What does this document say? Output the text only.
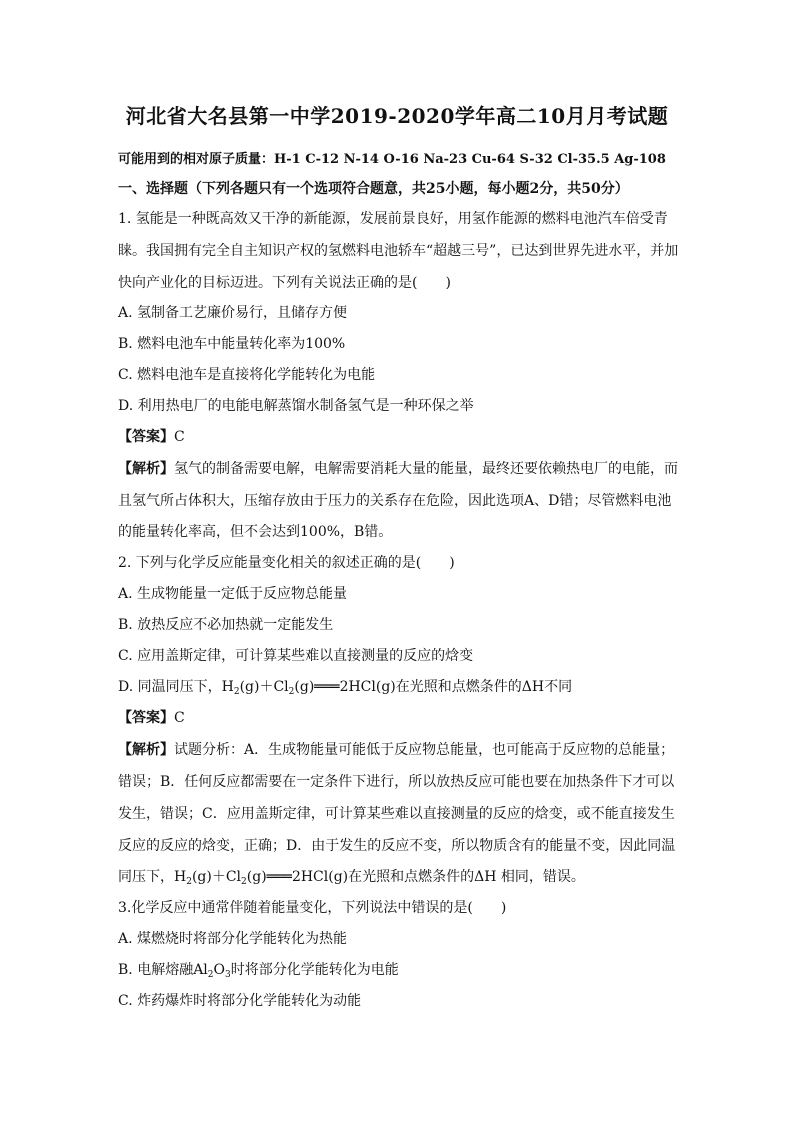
河北省大名县第一中学2019-2020学年高二10月月考试题
可能用到的相对原子质量：H-1 C-12 N-14 O-16 Na-23 Cu-64 S-32 Cl-35.5 Ag-108
一、选择题（下列各题只有一个选项符合题意，共25小题，每小题2分，共50分）
1. 氢能是一种既高效又干净的新能源，发展前景良好，用氢作能源的燃料电池汽车倍受青
睐。我国拥有完全自主知识产权的氢燃料电池轿车“超越三号”，已达到世界先进水平，并加
快向产业化的目标迈进。下列有关说法正确的是(　　)
A. 氢制备工艺廉价易行，且储存方便
B. 燃料电池车中能量转化率为100%
C. 燃料电池车是直接将化学能转化为电能
D. 利用热电厂的电能电解蒸馏水制备氢气是一种环保之举
【答案】C
【解析】氢气的制备需要电解，电解需要消耗大量的能量，最终还要依赖热电厂的电能，而
且氢气所占体积大，压缩存放由于压力的关系存在危险，因此选项A、D错；尽管燃料电池
的能量转化率高，但不会达到100%，B错。
2. 下列与化学反应能量变化相关的叙述正确的是(　　)
A. 生成物能量一定低于反应物总能量
B. 放热反应不必加热就一定能发生
C. 应用盖斯定律，可计算某些难以直接测量的反应的焓变
D. 同温同压下，$H_2(g)+Cl_2(g)═══2HCl(g)$在光照和点燃条件的ΔH不同
【答案】C
【解析】试题分析：A．生成物能量可能低于反应物总能量，也可能高于反应物的总能量；
错误；B．任何反应都需要在一定条件下进行，所以放热反应可能也要在加热条件下才可以
发生，错误；C．应用盖斯定律，可计算某些难以直接测量的反应的焓变，或不能直接发生
反应的反应的焓变，正确；D．由于发生的反应不变，所以物质含有的能量不变，因此同温
同压下，$H_2(g)+Cl_2(g)═══2HCl(g)$在光照和点燃条件的ΔH 相同，错误。
3.化学反应中通常伴随着能量变化，下列说法中错误的是(　　)
A. 煤燃烧时将部分化学能转化为热能
B. 电解熔融$Al_2O_3$时将部分化学能转化为电能
C. 炸药爆炸时将部分化学能转化为动能
